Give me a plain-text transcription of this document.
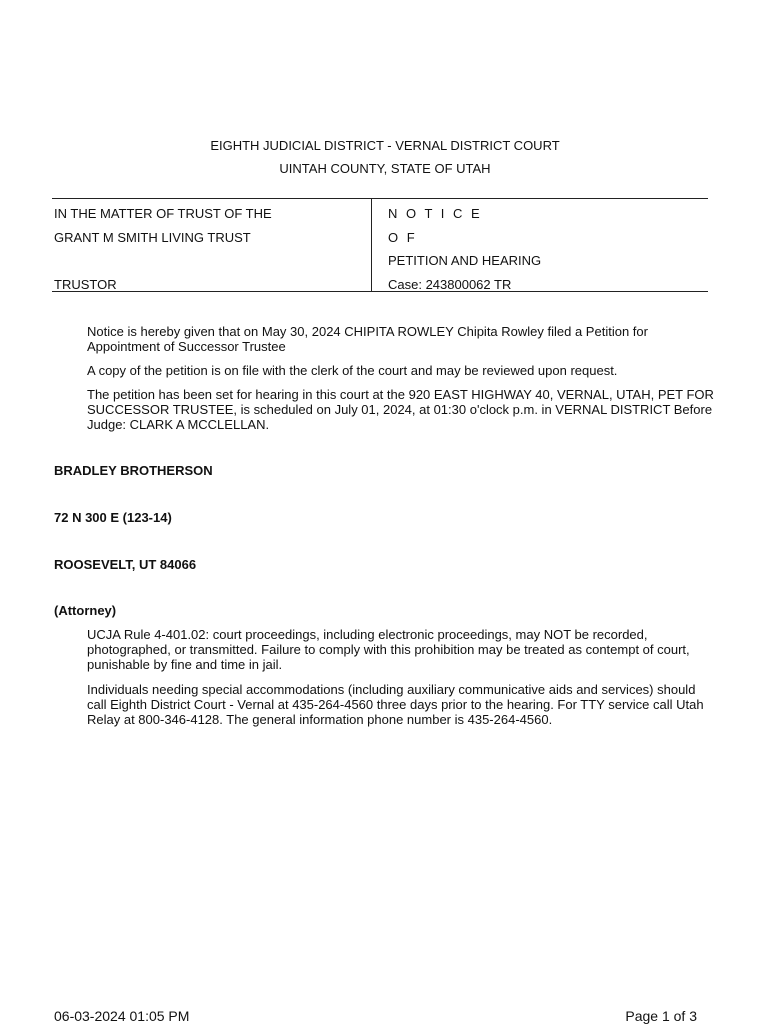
EIGHTH JUDICIAL DISTRICT - VERNAL DISTRICT COURT
UINTAH COUNTY, STATE OF UTAH
IN THE MATTER OF TRUST OF THE
GRANT M SMITH LIVING TRUST
TRUSTOR
N O T I C E
O F
PETITION AND HEARING
Case: 243800062 TR
Notice is hereby given that on May 30, 2024 CHIPITA ROWLEY Chipita Rowley filed a Petition for Appointment of Successor Trustee
A copy of the petition is on file with the clerk of the court and may be reviewed upon request.
The petition has been set for hearing in this court at the 920 EAST HIGHWAY 40, VERNAL, UTAH, PET FOR SUCCESSOR TRUSTEE, is scheduled on July 01, 2024, at 01:30 o'clock p.m. in VERNAL DISTRICT Before Judge: CLARK A MCCLELLAN.
BRADLEY BROTHERSON
72 N 300 E (123-14)
ROOSEVELT, UT 84066
(Attorney)
UCJA Rule 4-401.02: court proceedings, including electronic proceedings, may NOT be recorded, photographed, or transmitted. Failure to comply with this prohibition may be treated as contempt of court, punishable by fine and time in jail.
Individuals needing special accommodations (including auxiliary communicative aids and services) should call Eighth District Court - Vernal at 435-264-4560 three days prior to the hearing. For TTY service call Utah Relay at 800-346-4128. The general information phone number is 435-264-4560.
06-03-2024 01:05 PM	Page 1 of 3
